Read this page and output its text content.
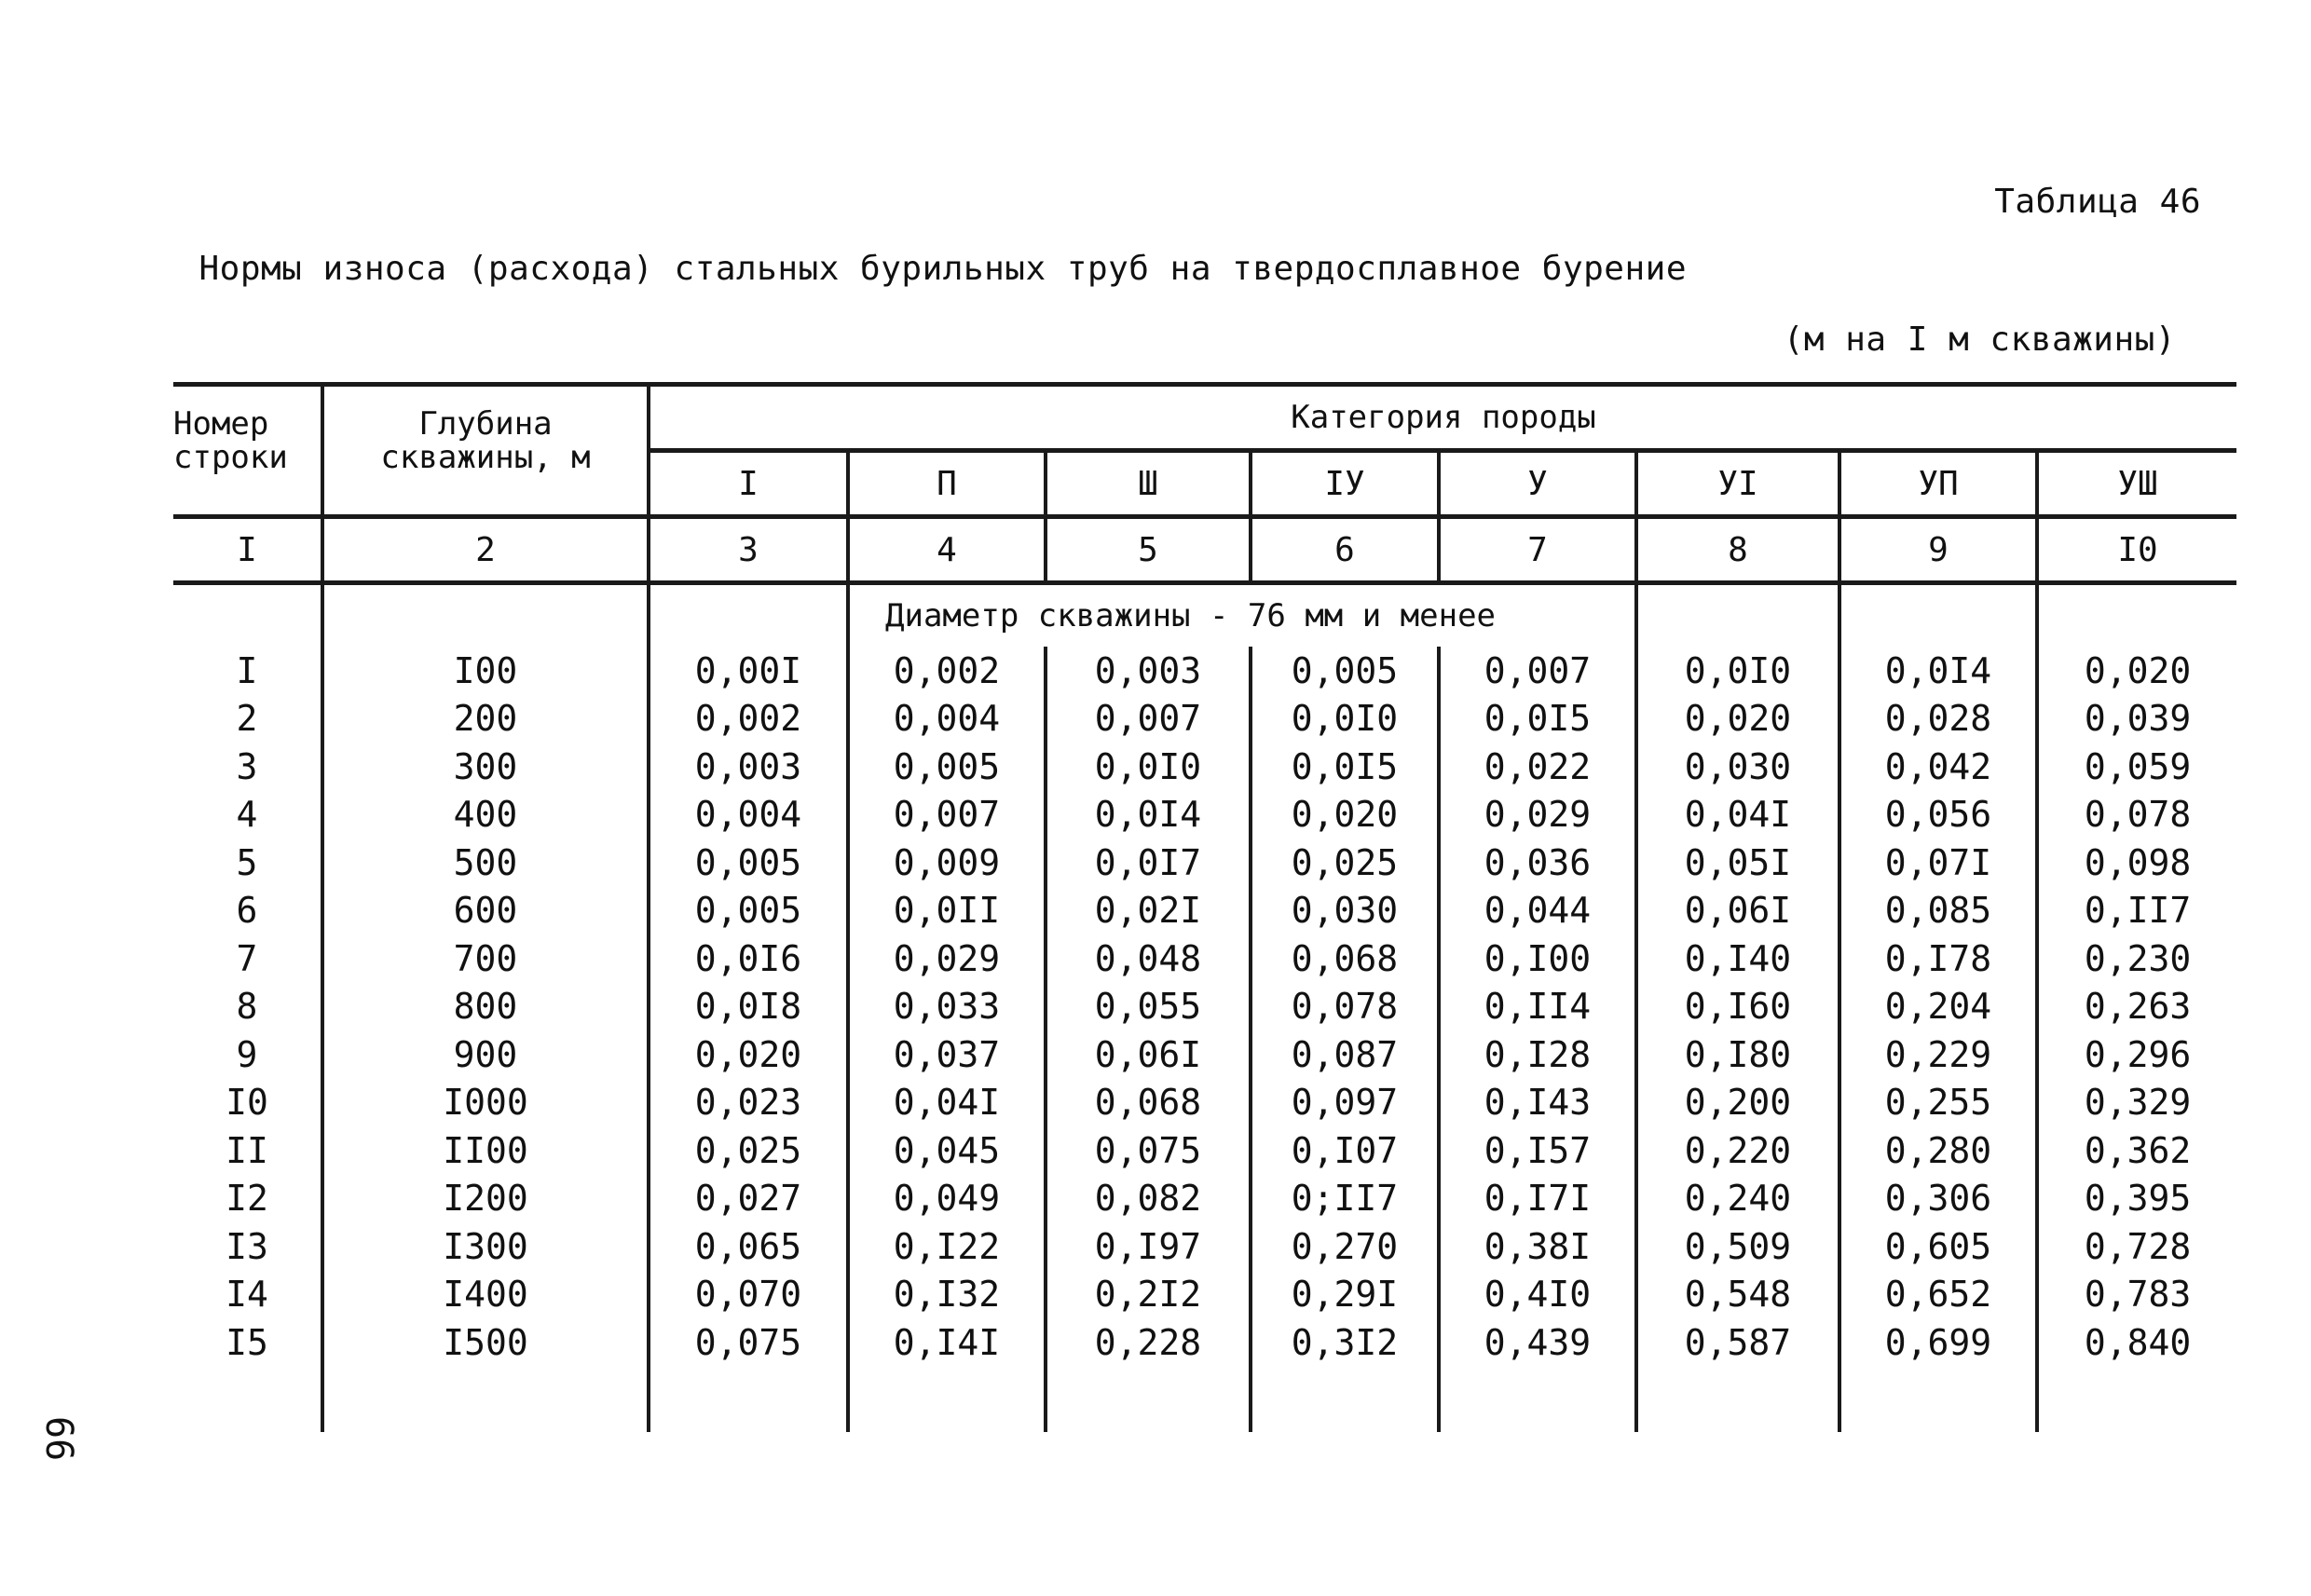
Таблица 46
Нормы износа (расхода) стальных бурильных труб на твердосплавное бурение
(м на I м скважины)
Номер строки	Глубина скважины, м	Категория породы							
		I	П	Ш	IУ	У	УI	УП	УШ
I	2	3	4	5	6	7	8	9	I0
			Диаметр скважины - 76 мм и менее						
I	I00	0,00I	0,002	0,003	0,005	0,007	0,0I0	0,0I4	0,020
2	200	0,002	0,004	0,007	0,0I0	0,0I5	0,020	0,028	0,039
3	300	0,003	0,005	0,0I0	0,0I5	0,022	0,030	0,042	0,059
4	400	0,004	0,007	0,0I4	0,020	0,029	0,04I	0,056	0,078
5	500	0,005	0,009	0,0I7	0,025	0,036	0,05I	0,07I	0,098
6	600	0,005	0,0II	0,02I	0,030	0,044	0,06I	0,085	0,II7
7	700	0,0I6	0,029	0,048	0,068	0,I00	0,I40	0,I78	0,230
8	800	0,0I8	0,033	0,055	0,078	0,II4	0,I60	0,204	0,263
9	900	0,020	0,037	0,06I	0,087	0,I28	0,I80	0,229	0,296
I0	I000	0,023	0,04I	0,068	0,097	0,I43	0,200	0,255	0,329
II	II00	0,025	0,045	0,075	0,I07	0,I57	0,220	0,280	0,362
I2	I200	0,027	0,049	0,082	0;II7	0,I7I	0,240	0,306	0,395
I3	I300	0,065	0,I22	0,I97	0,270	0,38I	0,509	0,605	0,728
I4	I400	0,070	0,I32	0,2I2	0,29I	0,4I0	0,548	0,652	0,783
I5	I500	0,075	0,I4I	0,228	0,3I2	0,439	0,587	0,699	0,840

66
